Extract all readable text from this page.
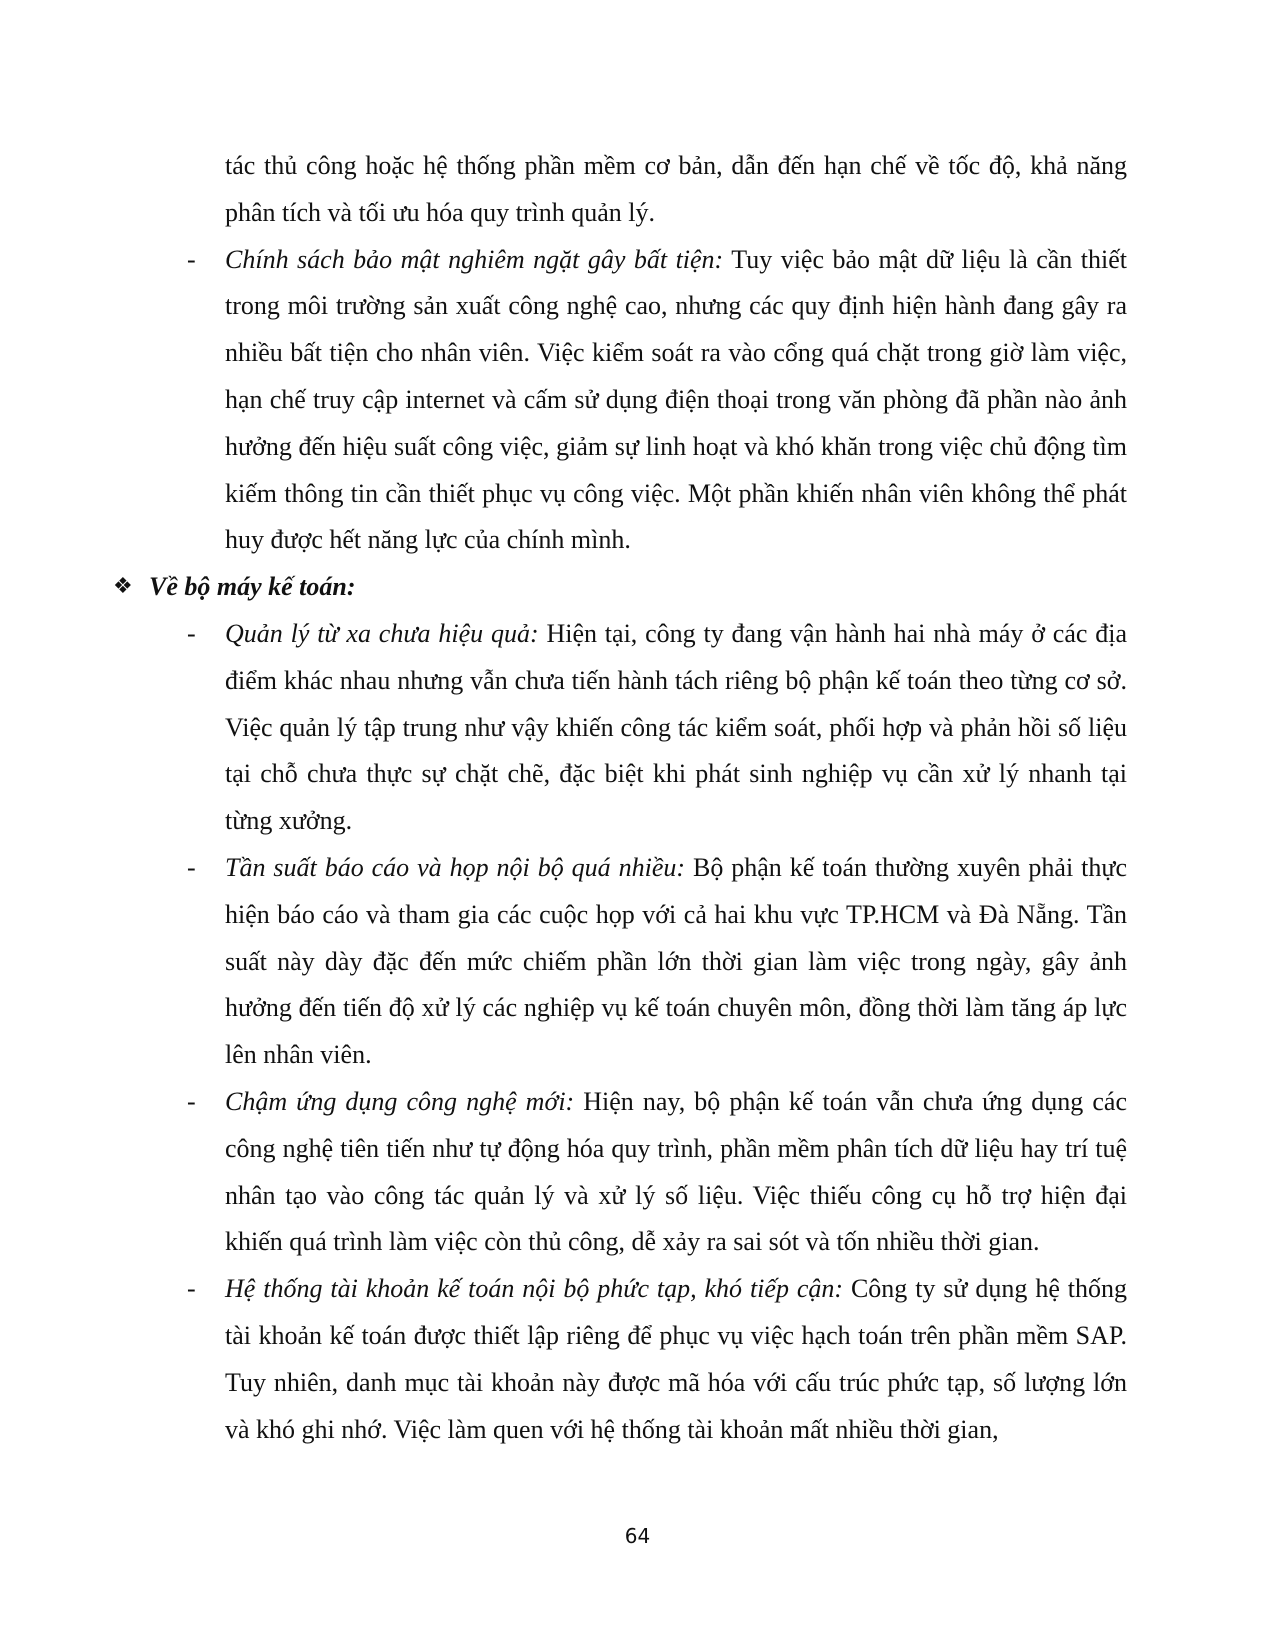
tác thủ công hoặc hệ thống phần mềm cơ bản, dẫn đến hạn chế về tốc độ, khả năng phân tích và tối ưu hóa quy trình quản lý.

- Chính sách bảo mật nghiêm ngặt gây bất tiện: Tuy việc bảo mật dữ liệu là cần thiết trong môi trường sản xuất công nghệ cao, nhưng các quy định hiện hành đang gây ra nhiều bất tiện cho nhân viên. Việc kiểm soát ra vào cổng quá chặt trong giờ làm việc, hạn chế truy cập internet và cấm sử dụng điện thoại trong văn phòng đã phần nào ảnh hưởng đến hiệu suất công việc, giảm sự linh hoạt và khó khăn trong việc chủ động tìm kiếm thông tin cần thiết phục vụ công việc. Một phần khiến nhân viên không thể phát huy được hết năng lực của chính mình.

❖ Về bộ máy kế toán:
- Quản lý từ xa chưa hiệu quả: Hiện tại, công ty đang vận hành hai nhà máy ở các địa điểm khác nhau nhưng vẫn chưa tiến hành tách riêng bộ phận kế toán theo từng cơ sở. Việc quản lý tập trung như vậy khiến công tác kiểm soát, phối hợp và phản hồi số liệu tại chỗ chưa thực sự chặt chẽ, đặc biệt khi phát sinh nghiệp vụ cần xử lý nhanh tại từng xưởng.

- Tần suất báo cáo và họp nội bộ quá nhiều: Bộ phận kế toán thường xuyên phải thực hiện báo cáo và tham gia các cuộc họp với cả hai khu vực TP.HCM và Đà Nẵng. Tần suất này dày đặc đến mức chiếm phần lớn thời gian làm việc trong ngày, gây ảnh hưởng đến tiến độ xử lý các nghiệp vụ kế toán chuyên môn, đồng thời làm tăng áp lực lên nhân viên.

- Chậm ứng dụng công nghệ mới: Hiện nay, bộ phận kế toán vẫn chưa ứng dụng các công nghệ tiên tiến như tự động hóa quy trình, phần mềm phân tích dữ liệu hay trí tuệ nhân tạo vào công tác quản lý và xử lý số liệu. Việc thiếu công cụ hỗ trợ hiện đại khiến quá trình làm việc còn thủ công, dễ xảy ra sai sót và tốn nhiều thời gian.

- Hệ thống tài khoản kế toán nội bộ phức tạp, khó tiếp cận: Công ty sử dụng hệ thống tài khoản kế toán được thiết lập riêng để phục vụ việc hạch toán trên phần mềm SAP. Tuy nhiên, danh mục tài khoản này được mã hóa với cấu trúc phức tạp, số lượng lớn và khó ghi nhớ. Việc làm quen với hệ thống tài khoản mất nhiều thời gian,

64
